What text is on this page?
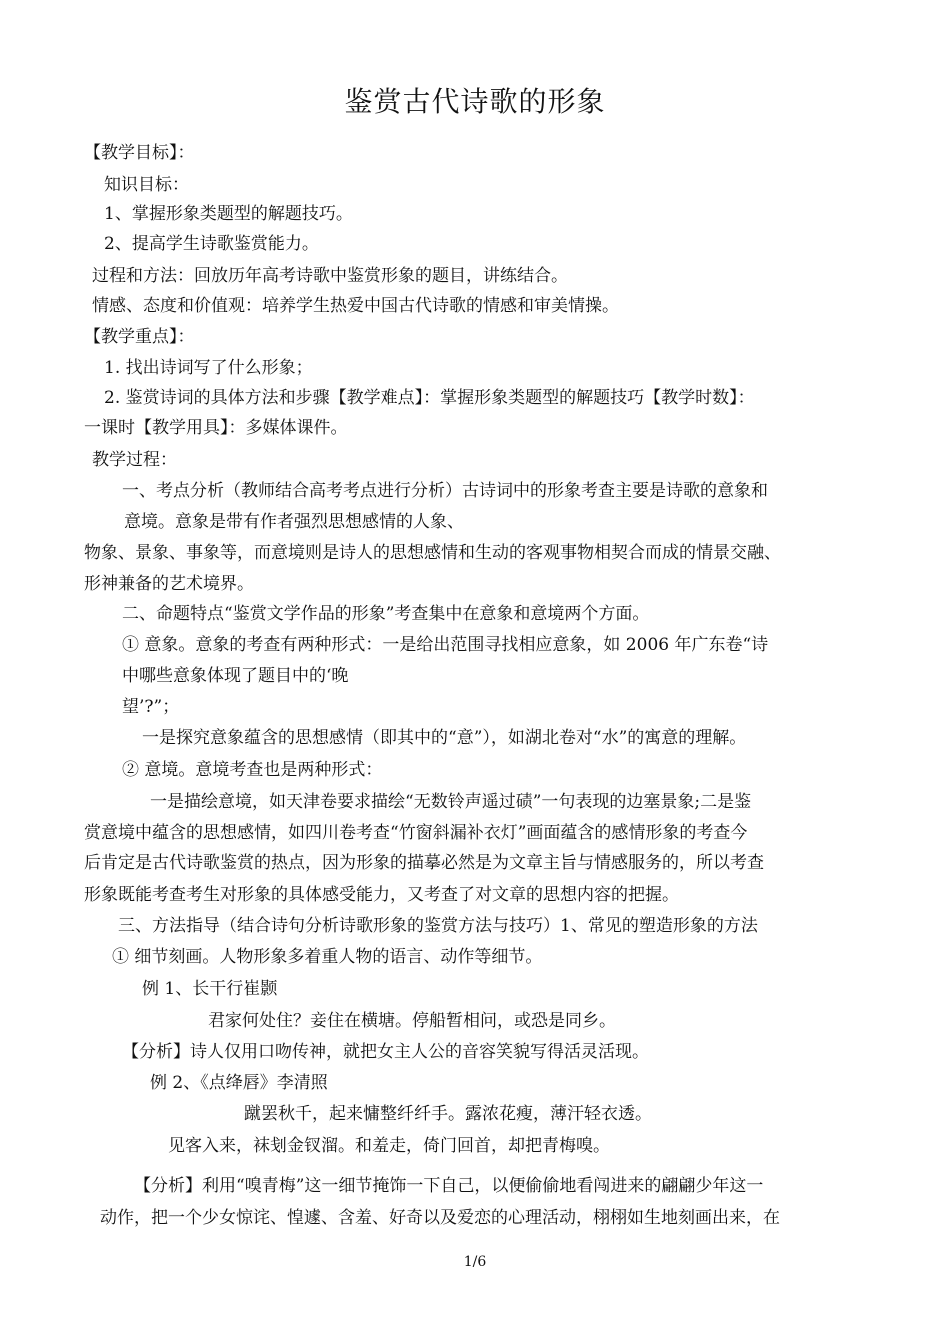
鉴赏古代诗歌的形象
【教学目标】：
知识目标：
1、掌握形象类题型的解题技巧。
2、提高学生诗歌鉴赏能力。
过程和方法：回放历年高考诗歌中鉴赏形象的题目，讲练结合。
情感、态度和价值观：培养学生热爱中国古代诗歌的情感和审美情操。
【教学重点】：
1. 找出诗词写了什么形象；
2. 鉴赏诗词的具体方法和步骤【教学难点】：掌握形象类题型的解题技巧【教学时数】：
一课时【教学用具】：多媒体课件。
教学过程：
一、考点分析（教师结合高考考点进行分析）古诗词中的形象考查主要是诗歌的意象和
意境。意象是带有作者强烈思想感情的人象、
物象、景象、事象等，而意境则是诗人的思想感情和生动的客观事物相契合而成的情景交融、
形神兼备的艺术境界。
二、命题特点“鉴赏文学作品的形象”考查集中在意象和意境两个方面。
① 意象。意象的考查有两种形式：一是给出范围寻找相应意象，如 2006 年广东卷“诗
中哪些意象体现了题目中的‘晚
望’?”；
一是探究意象蕴含的思想感情（即其中的“意”），如湖北卷对“水”的寓意的理解。
② 意境。意境考查也是两种形式：
一是描绘意境，如天津卷要求描绘“无数铃声遥过碛”一句表现的边塞景象;二是鉴
赏意境中蕴含的思想感情，如四川卷考查“竹窗斜漏补衣灯”画面蕴含的感情形象的考查今
后肯定是古代诗歌鉴赏的热点，因为形象的描摹必然是为文章主旨与情感服务的，所以考查
形象既能考查考生对形象的具体感受能力，又考查了对文章的思想内容的把握。
三、方法指导（结合诗句分析诗歌形象的鉴赏方法与技巧）1、常见的塑造形象的方法
① 细节刻画。人物形象多着重人物的语言、动作等细节。
例 1、长干行崔颢
君家何处住？妾住在横塘。停船暂相问，或恐是同乡。
【分析】诗人仅用口吻传神，就把女主人公的音容笑貌写得活灵活现。
例 2、《点绛唇》李清照
蹴罢秋千，起来慵整纤纤手。露浓花瘦，薄汗轻衣透。
见客入来，袜刬金钗溜。和羞走，倚门回首，却把青梅嗅。
【分析】利用“嗅青梅”这一细节掩饰一下自己，以便偷偷地看闯进来的翩翩少年这一
动作，把一个少女惊诧、惶遽、含羞、好奇以及爱恋的心理活动，栩栩如生地刻画出来，在
1/6
